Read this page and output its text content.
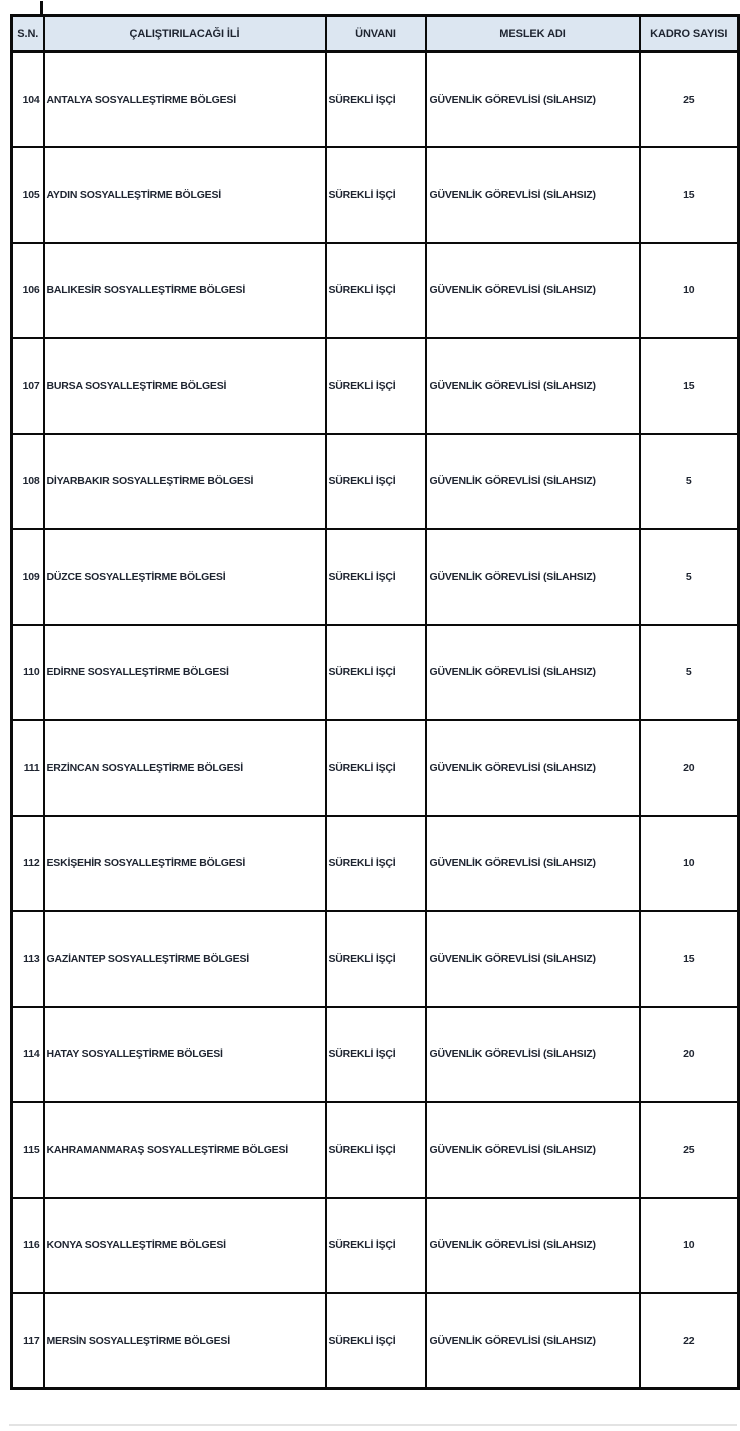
S.N.	ÇALIŞTIRILACAĞI İLİ	ÜNVANI	MESLEK ADI	KADRO SAYISI
104	ANTALYA SOSYALLEŞTİRME BÖLGESİ	SÜREKLİ İŞÇİ	GÜVENLİK GÖREVLİSİ (SİLAHSIZ)	25
105	AYDIN SOSYALLEŞTİRME BÖLGESİ	SÜREKLİ İŞÇİ	GÜVENLİK GÖREVLİSİ (SİLAHSIZ)	15
106	BALIKESİR SOSYALLEŞTİRME BÖLGESİ	SÜREKLİ İŞÇİ	GÜVENLİK GÖREVLİSİ (SİLAHSIZ)	10
107	BURSA SOSYALLEŞTİRME BÖLGESİ	SÜREKLİ İŞÇİ	GÜVENLİK GÖREVLİSİ (SİLAHSIZ)	15
108	DİYARBAKIR SOSYALLEŞTİRME BÖLGESİ	SÜREKLİ İŞÇİ	GÜVENLİK GÖREVLİSİ (SİLAHSIZ)	5
109	DÜZCE SOSYALLEŞTİRME BÖLGESİ	SÜREKLİ İŞÇİ	GÜVENLİK GÖREVLİSİ (SİLAHSIZ)	5
110	EDİRNE SOSYALLEŞTİRME BÖLGESİ	SÜREKLİ İŞÇİ	GÜVENLİK GÖREVLİSİ (SİLAHSIZ)	5
111	ERZİNCAN SOSYALLEŞTİRME BÖLGESİ	SÜREKLİ İŞÇİ	GÜVENLİK GÖREVLİSİ (SİLAHSIZ)	20
112	ESKİŞEHİR SOSYALLEŞTİRME BÖLGESİ	SÜREKLİ İŞÇİ	GÜVENLİK GÖREVLİSİ (SİLAHSIZ)	10
113	GAZİANTEP SOSYALLEŞTİRME BÖLGESİ	SÜREKLİ İŞÇİ	GÜVENLİK GÖREVLİSİ (SİLAHSIZ)	15
114	HATAY SOSYALLEŞTİRME BÖLGESİ	SÜREKLİ İŞÇİ	GÜVENLİK GÖREVLİSİ (SİLAHSIZ)	20
115	KAHRAMANMARAŞ SOSYALLEŞTİRME BÖLGESİ	SÜREKLİ İŞÇİ	GÜVENLİK GÖREVLİSİ (SİLAHSIZ)	25
116	KONYA SOSYALLEŞTİRME BÖLGESİ	SÜREKLİ İŞÇİ	GÜVENLİK GÖREVLİSİ (SİLAHSIZ)	10
117	MERSİN SOSYALLEŞTİRME BÖLGESİ	SÜREKLİ İŞÇİ	GÜVENLİK GÖREVLİSİ (SİLAHSIZ)	22
